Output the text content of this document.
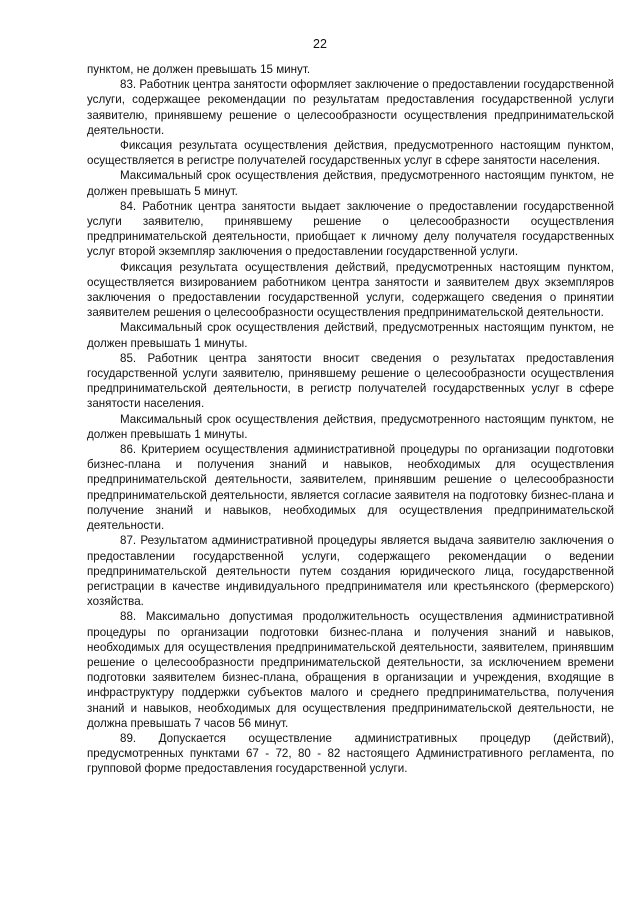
22

пунктом, не должен превышать 15 минут.

83. Работник центра занятости оформляет заключение о предоставлении государственной услуги, содержащее рекомендации по результатам предоставления государственной услуги заявителю, принявшему решение о целесообразности осуществления предпринимательской деятельности.

Фиксация результата осуществления действия, предусмотренного настоящим пунктом, осуществляется в регистре получателей государственных услуг в сфере занятости населения.

Максимальный срок осуществления действия, предусмотренного настоящим пунктом, не должен превышать 5 минут.

84. Работник центра занятости выдает заключение о предоставлении государственной услуги заявителю, принявшему решение о целесообразности осуществления предпринимательской деятельности, приобщает к личному делу получателя государственных услуг второй экземпляр заключения о предоставлении государственной услуги.

Фиксация результата осуществления действий, предусмотренных настоящим пунктом, осуществляется визированием работником центра занятости и заявителем двух экземпляров заключения о предоставлении государственной услуги, содержащего сведения о принятии заявителем решения о целесообразности осуществления предпринимательской деятельности.

Максимальный срок осуществления действий, предусмотренных настоящим пунктом, не должен превышать 1 минуты.

85. Работник центра занятости вносит сведения о результатах предоставления государственной услуги заявителю, принявшему решение о целесообразности осуществления предпринимательской деятельности, в регистр получателей государственных услуг в сфере занятости населения.

Максимальный срок осуществления действия, предусмотренного настоящим пунктом, не должен превышать 1 минуты.

86. Критерием осуществления административной процедуры по организации подготовки бизнес-плана и получения знаний и навыков, необходимых для осуществления предпринимательской деятельности, заявителем, принявшим решение о целесообразности предпринимательской деятельности, является согласие заявителя на подготовку бизнес-плана и получение знаний и навыков, необходимых для осуществления предпринимательской деятельности.

87. Результатом административной процедуры является выдача заявителю заключения о предоставлении государственной услуги, содержащего рекомендации о ведении предпринимательской деятельности путем создания юридического лица, государственной регистрации в качестве индивидуального предпринимателя или крестьянского (фермерского) хозяйства.

88. Максимально допустимая продолжительность осуществления административной процедуры по организации подготовки бизнес-плана и получения знаний и навыков, необходимых для осуществления предпринимательской деятельности, заявителем, принявшим решение о целесообразности предпринимательской деятельности, за исключением времени подготовки заявителем бизнес-плана, обращения в организации и учреждения, входящие в инфраструктуру поддержки субъектов малого и среднего предпринимательства, получения знаний и навыков, необходимых для осуществления предпринимательской деятельности, не должна превышать 7 часов 56 минут.

89. Допускается осуществление административных процедур (действий), предусмотренных пунктами 67 - 72, 80 - 82 настоящего Административного регламента, по групповой форме предоставления государственной услуги.
